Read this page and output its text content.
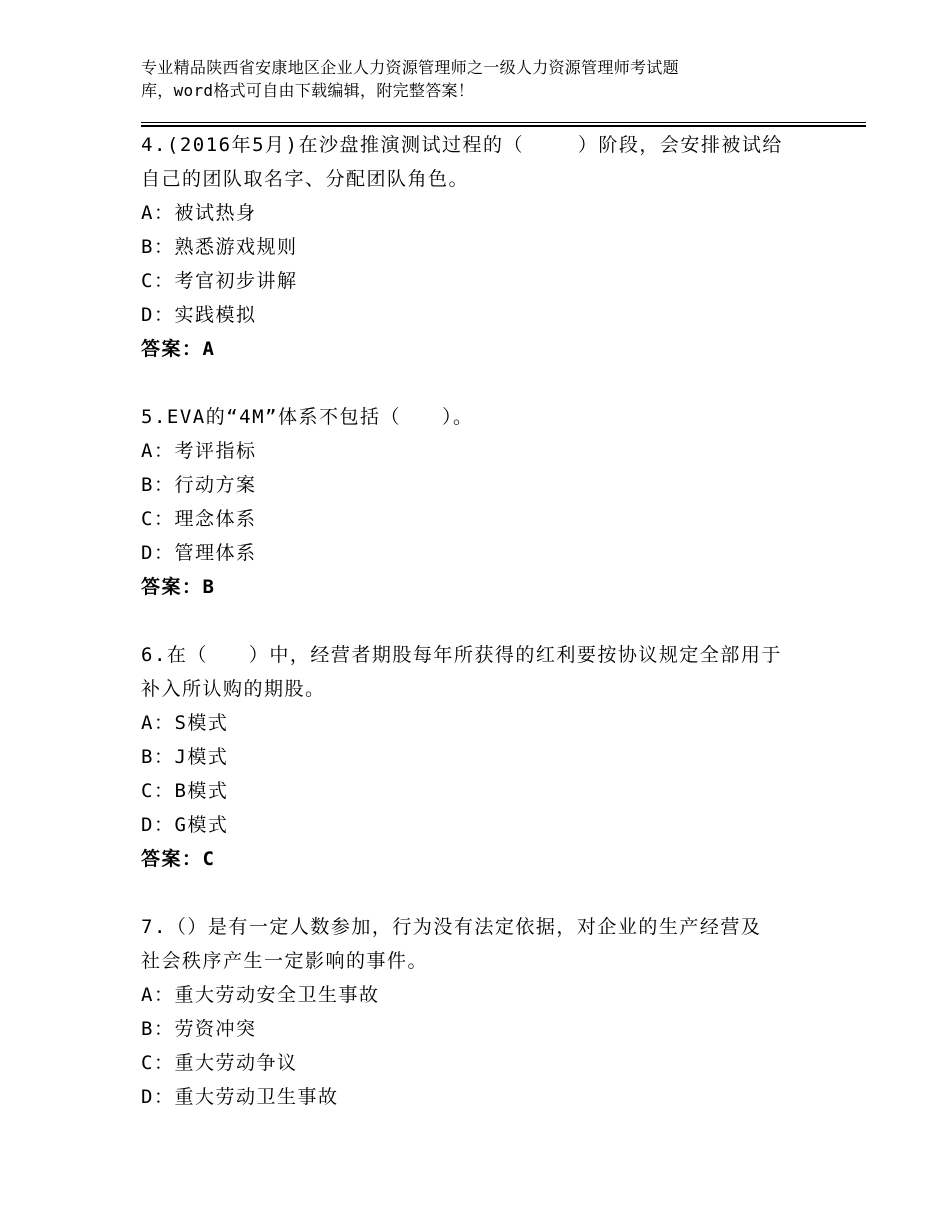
专业精品陕西省安康地区企业人力资源管理师之一级人力资源管理师考试题
库，word格式可自由下载编辑，附完整答案！
4.(2016年5月)在沙盘推演测试过程的（　　 ）阶段，会安排被试给
自己的团队取名字、分配团队角色。
A：被试热身
B：熟悉游戏规则
C：考官初步讲解
D：实践模拟
答案：A
5.EVA的“4M”体系不包括（　　）。
A：考评指标
B：行动方案
C：理念体系
D：管理体系
答案：B
6.在（　　）中，经营者期股每年所获得的红利要按协议规定全部用于
补入所认购的期股。
A：S模式
B：J模式
C：B模式
D：G模式
答案：C
7.（）是有一定人数参加，行为没有法定依据，对企业的生产经营及
社会秩序产生一定影响的事件。
A：重大劳动安全卫生事故
B：劳资冲突
C：重大劳动争议
D：重大劳动卫生事故
